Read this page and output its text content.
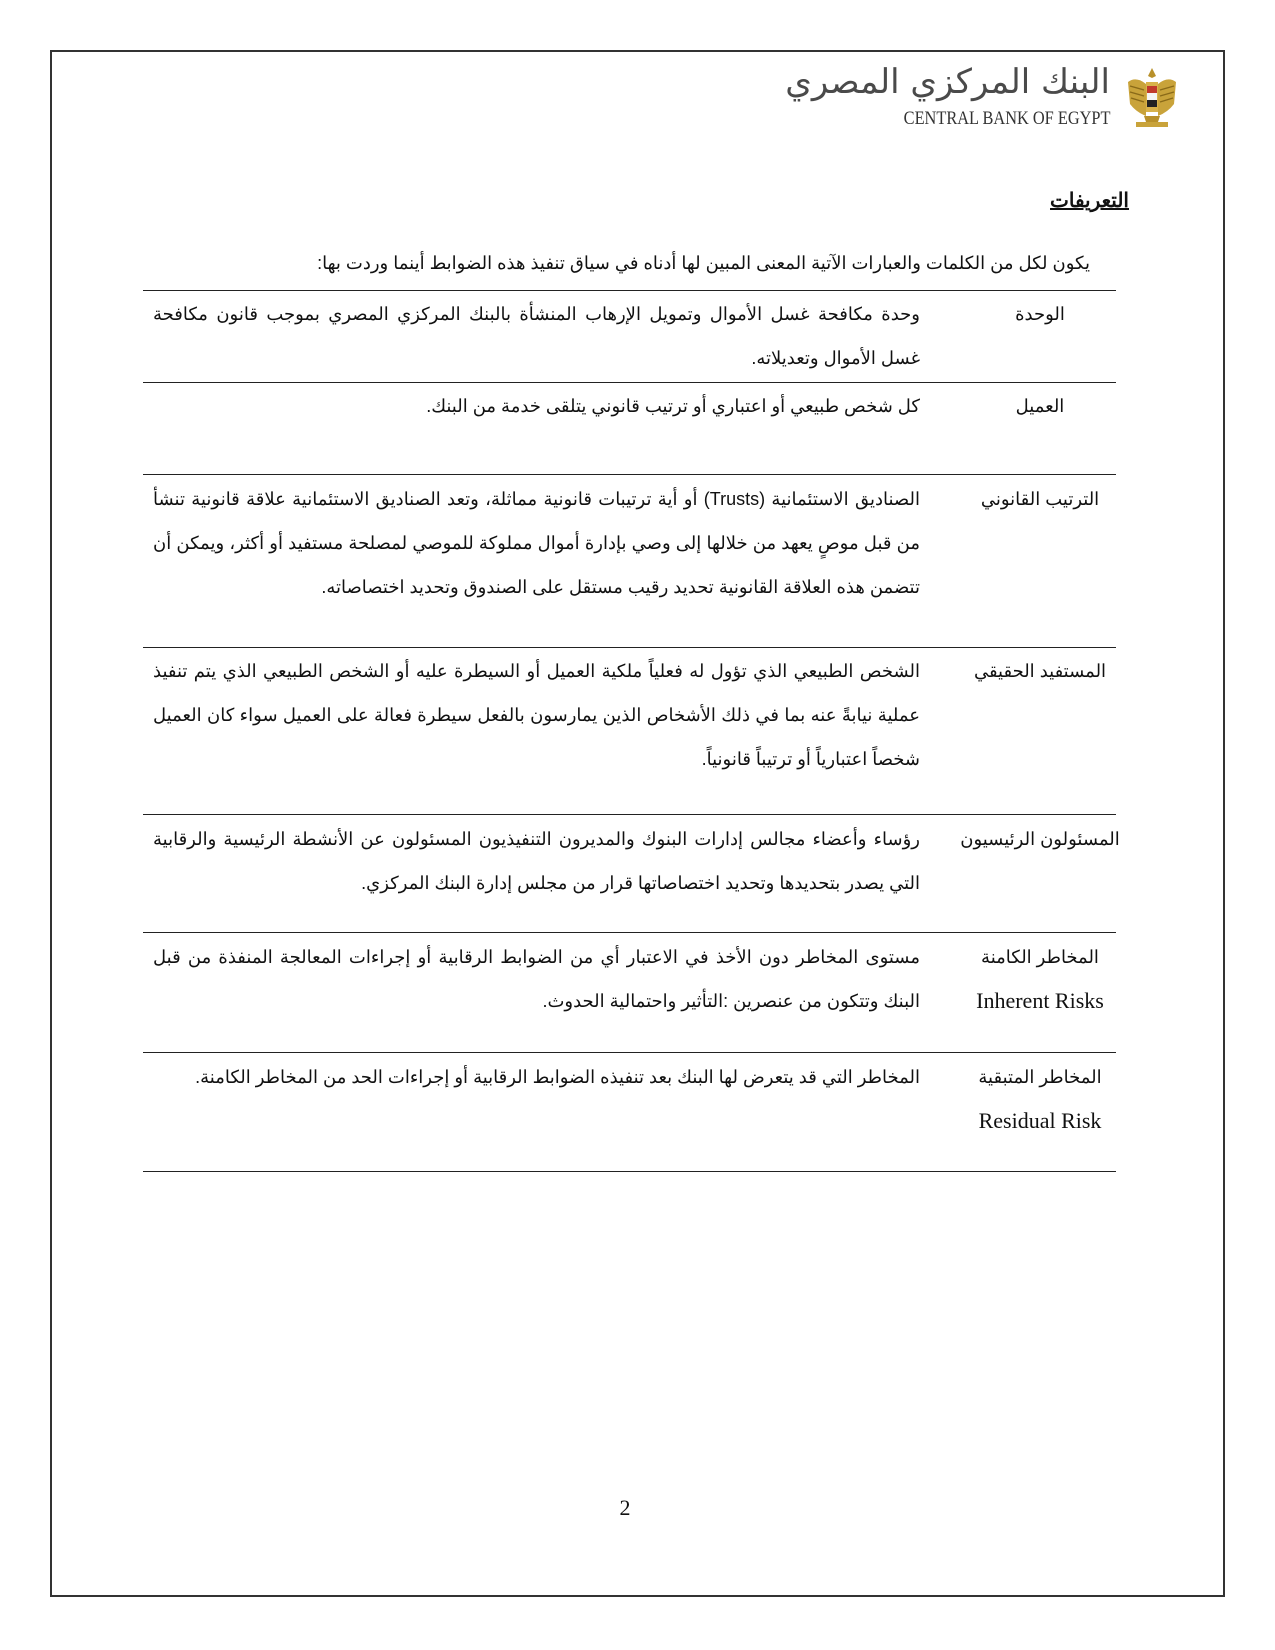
البنك المركزي المصري
CENTRAL BANK OF EGYPT
التعريفات
يكون لكل من الكلمات والعبارات الآتية المعنى المبين لها أدناه في سياق تنفيذ هذه الضوابط أينما وردت بها:
الوحدة
وحدة مكافحة غسل الأموال وتمويل الإرهاب المنشأة بالبنك المركزي المصري بموجب قانون مكافحة غسل الأموال وتعديلاته.
العميل
كل شخص طبيعي أو اعتباري أو ترتيب قانوني يتلقى خدمة من البنك.
الترتيب القانوني
الصناديق الاستئمانية (Trusts) أو أية ترتيبات قانونية مماثلة، وتعد الصناديق الاستئمانية علاقة قانونية تنشأ من قبل موصٍ يعهد من خلالها إلى وصي بإدارة أموال مملوكة للموصي لمصلحة مستفيد أو أكثر، ويمكن أن تتضمن هذه العلاقة القانونية تحديد رقيب مستقل على الصندوق وتحديد اختصاصاته.
المستفيد الحقيقي
الشخص الطبيعي الذي تؤول له فعلياً ملكية العميل أو السيطرة عليه أو الشخص الطبيعي الذي يتم تنفيذ عملية نيابةً عنه بما في ذلك الأشخاص الذين يمارسون بالفعل سيطرة فعالة على العميل سواء كان العميل شخصاً اعتبارياً أو ترتيباً قانونياً.
المسئولون الرئيسيون
رؤساء وأعضاء مجالس إدارات البنوك والمديرون التنفيذيون المسئولون عن الأنشطة الرئيسية والرقابية التي يصدر بتحديدها وتحديد اختصاصاتها قرار من مجلس إدارة البنك المركزي.
المخاطر الكامنة
Inherent Risks
مستوى المخاطر دون الأخذ في الاعتبار أي من الضوابط الرقابية أو إجراءات المعالجة المنفذة من قبل البنك وتتكون من عنصرين :التأثير واحتمالية الحدوث.
المخاطر المتبقية
Residual Risk
المخاطر التي قد يتعرض لها البنك بعد تنفيذه الضوابط الرقابية أو إجراءات الحد من المخاطر الكامنة.
2
